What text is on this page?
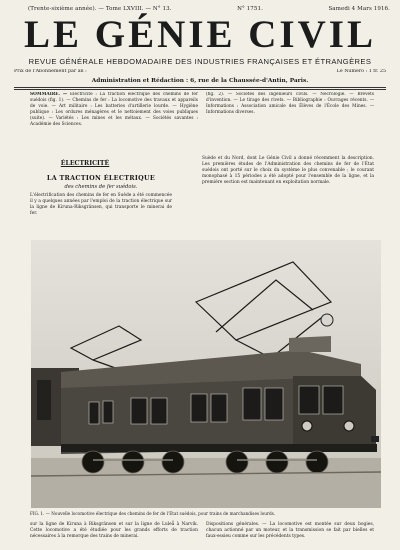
(Trente-sixième année). — Tome LXVIII. — N° 13.	N° 1751.	Samedi 4 Mars 1916.
LE GÉNIE CIVIL
REVUE GÉNÉRALE HEBDOMADAIRE DES INDUSTRIES FRANÇAISES ET ÉTRANGÈRES
Prix de l'Abonnement par an :	Le Numéro : 1 fr. 25
Administration et Rédaction : 6, rue de la Chaussée-d'Antin, Paris.
SOMMAIRE. — Électricité : La traction électrique des chemins de fer suédois (fig. 1). — Chemins de fer : La locomotive des travaux et appareils de voie. — Art militaire : Les batteries d'artillerie lourde. — Hygiène publique : Les ordures ménagères et le nettoiement des voies publiques (suite). — Variétés : Les mines et les métaux. — Sociétés savantes : Académie des Sciences.
(fig. 2). — Sociétés des ingénieurs civils. — Nécrologie. — Brevets d'invention. — Le tirage des rivets. — Bibliographie : Ouvrages récents. — Informations : Association amicale des Élèves de l'École des Mines. — Informations diverses.
ÉLECTRICITÉ
LA TRACTION ÉLECTRIQUE
des chemins de fer suédois.
L'électrification des chemins de fer en Suède a été commencée il y a quelques années par l'emploi de la traction électrique sur la ligne de Kiruna-Riksgränsen, qui transporte le minerai de fer.
Suède et du Nord, dont Le Génie Civil a donné récemment la description. Les premières études de l'Administration des chemins de fer de l'État suédois ont porté sur le choix du système le plus convenable ; le courant monophasé à 15 périodes a été adopté pour l'ensemble de la ligne, et la première section est maintenant en exploitation normale.
FIG. 1. — Nouvelle locomotive électrique des chemins de fer de l'État suédois, pour trains de marchandises lourds.
sur la ligne de Kiruna à Riksgränsen et sur la ligne de Luleå à Narvik. Cette locomotive a été étudiée pour les grands efforts de traction nécessaires à la remorque des trains de minerai.
Dispositions générales. — La locomotive est montée sur deux bogies, chacun actionné par un moteur, et la transmission se fait par bielles et faux-essieu comme sur les précédents types.
